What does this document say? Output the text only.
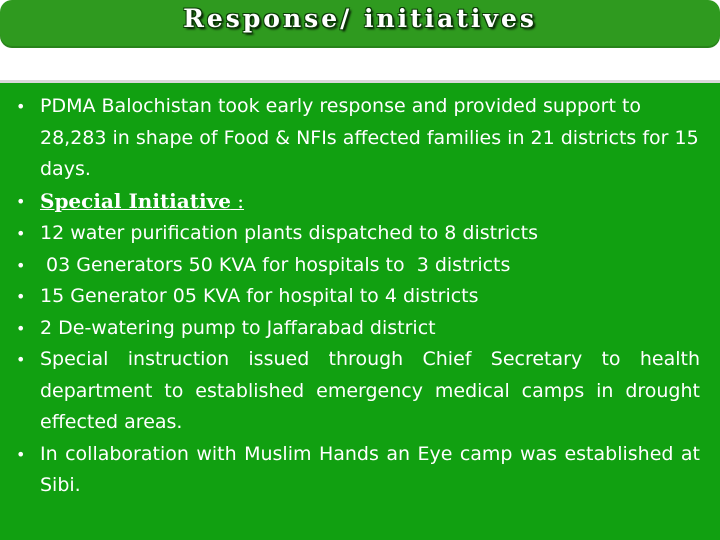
Response/ initiatives
• PDMA Balochistan took early response and provided support to 28,283 in shape of Food & NFIs affected families in 21 districts for 15 days.
• Special Initiative :
• 12 water purification plants dispatched to 8 districts
• 03 Generators 50 KVA for hospitals to  3 districts
• 15 Generator 05 KVA for hospital to 4 districts
• 2 De-watering pump to Jaffarabad district
• Special instruction issued through Chief Secretary to health department to established emergency medical camps in drought effected areas.
• In collaboration with Muslim Hands an Eye camp was established at Sibi.
